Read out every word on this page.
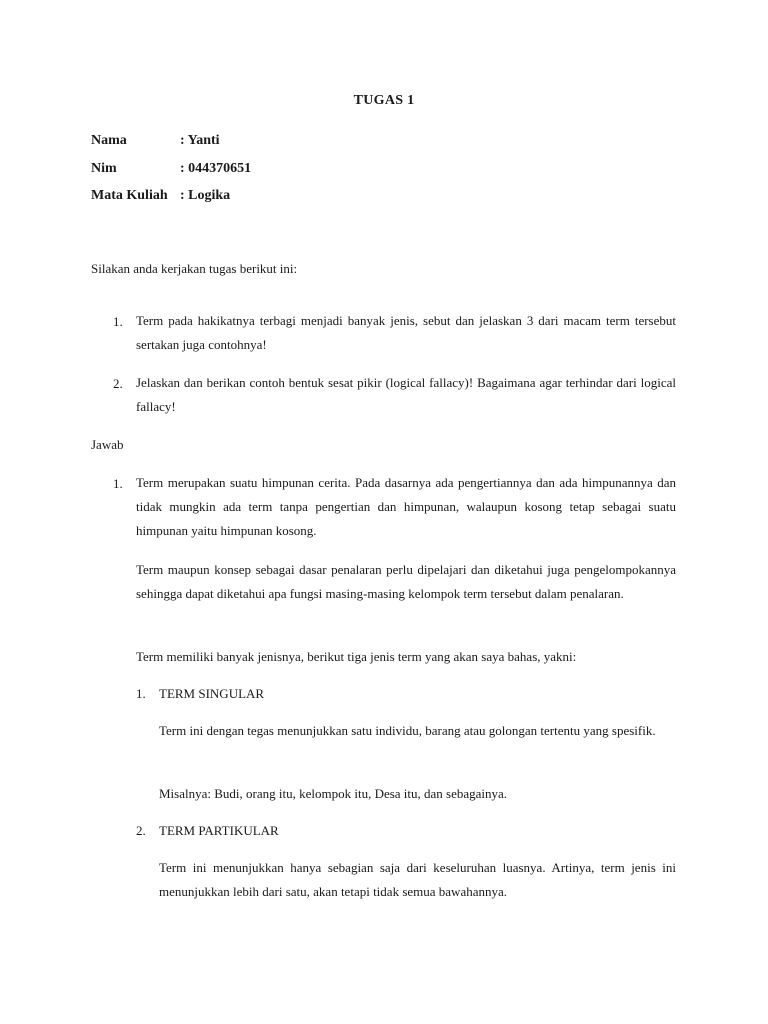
TUGAS 1
Nama	: Yanti
Nim	: 044370651
Mata Kuliah : Logika
Silakan anda kerjakan tugas berikut ini:
1. Term pada hakikatnya terbagi menjadi banyak jenis, sebut dan jelaskan 3 dari macam term tersebut sertakan juga contohnya!
2. Jelaskan dan berikan contoh bentuk sesat pikir (logical fallacy)! Bagaimana agar terhindar dari logical fallacy!
Jawab
1. Term merupakan suatu himpunan cerita. Pada dasarnya ada pengertiannya dan ada himpunannya dan tidak mungkin ada term tanpa pengertian dan himpunan, walaupun kosong tetap sebagai suatu himpunan yaitu himpunan kosong.
Term maupun konsep sebagai dasar penalaran perlu dipelajari dan diketahui juga pengelompokannya sehingga dapat diketahui apa fungsi masing-masing kelompok term tersebut dalam penalaran.
Term memiliki banyak jenisnya, berikut tiga jenis term yang akan saya bahas, yakni:
1. TERM SINGULAR
Term ini dengan tegas menunjukkan satu individu, barang atau golongan tertentu yang spesifik.
Misalnya: Budi, orang itu, kelompok itu, Desa itu, dan sebagainya.
2. TERM PARTIKULAR
Term ini menunjukkan hanya sebagian saja dari keseluruhan luasnya. Artinya, term jenis ini menunjukkan lebih dari satu, akan tetapi tidak semua bawahannya.
